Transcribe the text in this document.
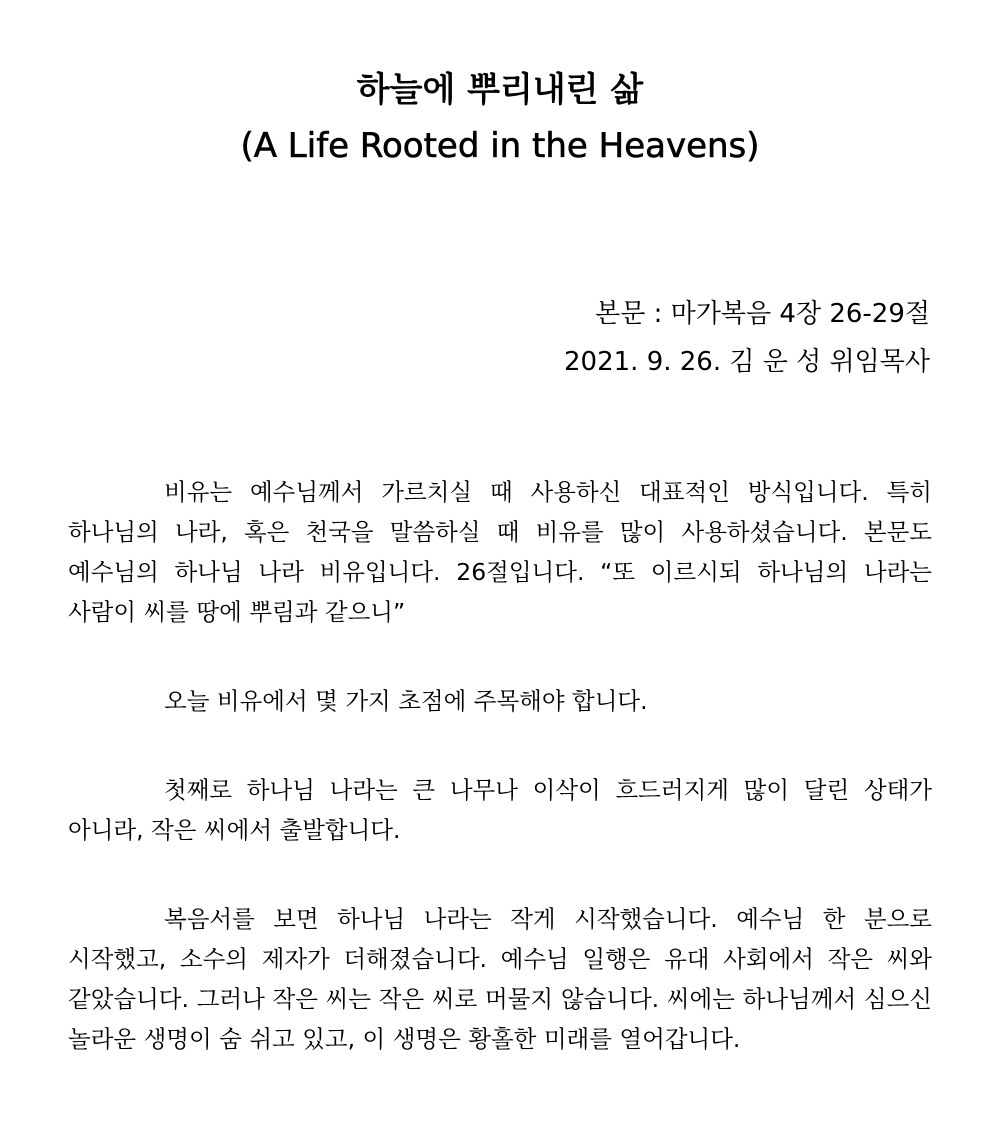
하늘에 뿌리내린 삶
(A Life Rooted in the Heavens)
본문 : 마가복음 4장 26-29절
2021. 9. 26. 김 운 성 위임목사

비유는 예수님께서 가르치실 때 사용하신 대표적인 방식입니다. 특히 하나님의 나라, 혹은 천국을 말씀하실 때 비유를 많이 사용하셨습니다. 본문도 예수님의 하나님 나라 비유입니다. 26절입니다. “또 이르시되 하나님의 나라는 사람이 씨를 땅에 뿌림과 같으니”

오늘 비유에서 몇 가지 초점에 주목해야 합니다.

첫째로 하나님 나라는 큰 나무나 이삭이 흐드러지게 많이 달린 상태가 아니라, 작은 씨에서 출발합니다.

복음서를 보면 하나님 나라는 작게 시작했습니다. 예수님 한 분으로 시작했고, 소수의 제자가 더해졌습니다. 예수님 일행은 유대 사회에서 작은 씨와 같았습니다. 그러나 작은 씨는 작은 씨로 머물지 않습니다. 씨에는 하나님께서 심으신 놀라운 생명이 숨 쉬고 있고, 이 생명은 황홀한 미래를 열어갑니다.
